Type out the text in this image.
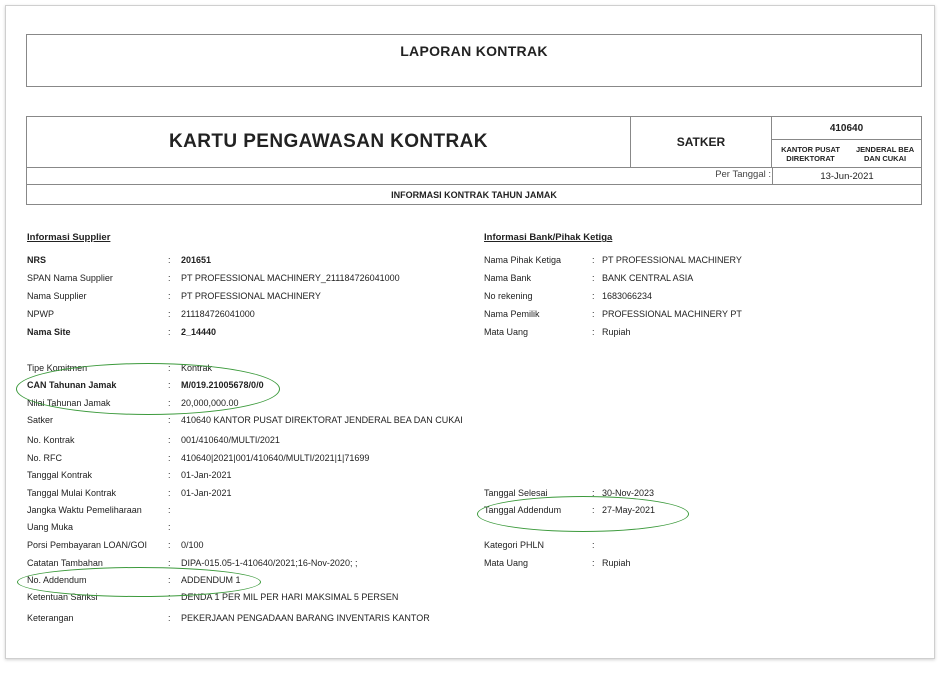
LAPORAN KONTRAK
KARTU PENGAWASAN KONTRAK	SATKER
410640
KANTOR PUSAT DIREKTORAT

JENDERAL BEA DAN CUKAI
Per Tanggal :	13-Jun-2021
INFORMASI KONTRAK TAHUN JAMAK
Informasi Supplier
NRS	: 201651
SPAN Nama Supplier	: PT PROFESSIONAL MACHINERY_211184726041000
Nama Supplier	: PT PROFESSIONAL MACHINERY
NPWP	: 211184726041000
Nama Site	: 2_14440
Informasi Bank/Pihak Ketiga
Nama Pihak Ketiga	: PT PROFESSIONAL MACHINERY
Nama Bank	: BANK CENTRAL ASIA
No rekening	: 1683066234
Nama Pemilik	: PROFESSIONAL MACHINERY PT
Mata Uang	: Rupiah
Tipe Komitmen	: Kontrak
CAN Tahunan Jamak	: M/019.21005678/0/0
Nilai Tahunan Jamak	: 20,000,000.00
Satker	: 410640 KANTOR PUSAT DIREKTORAT JENDERAL BEA DAN CUKAI
No. Kontrak	: 001/410640/MULTI/2021
No. RFC	: 410640|2021|001/410640/MULTI/2021|1|71699
Tanggal Kontrak	: 01-Jan-2021
Tanggal Mulai Kontrak	: 01-Jan-2021
Jangka Waktu Pemeliharaan	:
Uang Muka	:
Porsi Pembayaran LOAN/GOI : 0/100
Catatan Tambahan	: DIPA-015.05-1-410640/2021;16-Nov-2020; ;
No. Addendum	: ADDENDUM 1
Ketentuan Sanksi	: DENDA 1 PER MIL PER HARI MAKSIMAL 5 PERSEN
Keterangan	: PEKERJAAN PENGADAAN BARANG INVENTARIS KANTOR
Tanggal Selesai	: 30-Nov-2023
Tanggal Addendum	: 27-May-2021
Kategori PHLN	:
Mata Uang	: Rupiah
